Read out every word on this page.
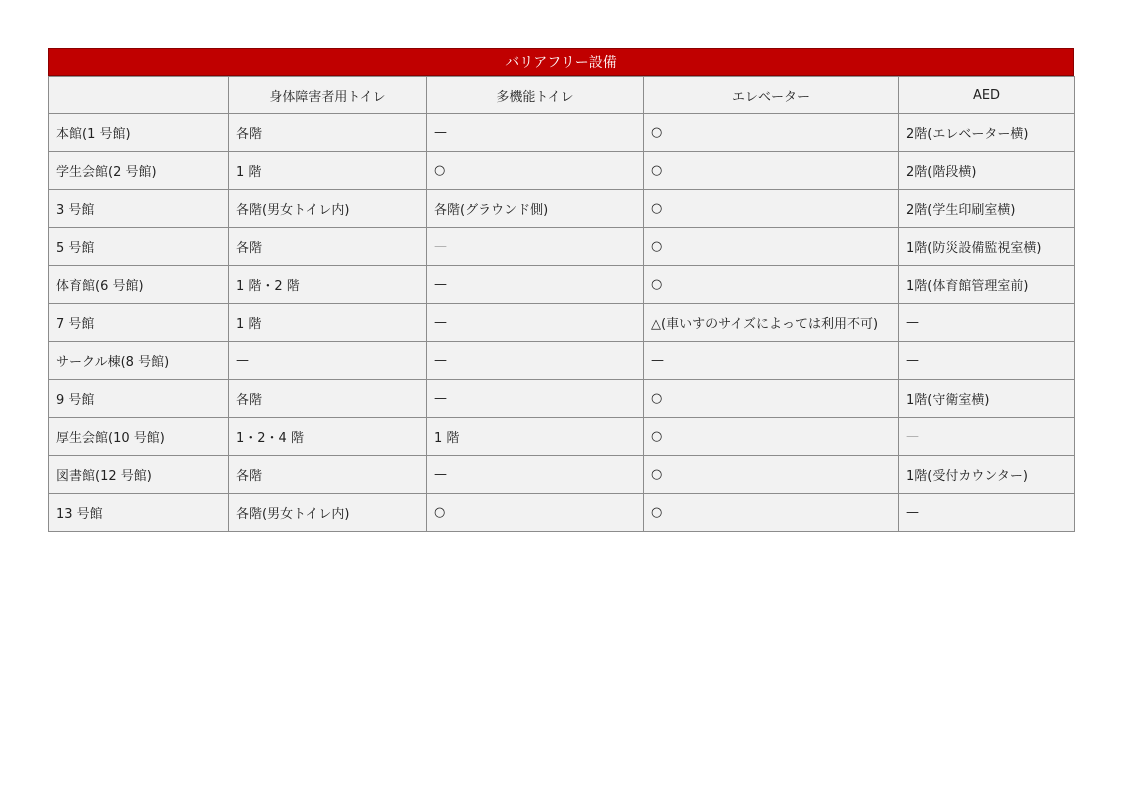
バリアフリー設備
	身体障害者用トイレ	多機能トイレ	エレベーター	AED
本館(1 号館)	各階	—	○	2階(エレベーター横)
学生会館(2 号館)	1 階	○	○	2階(階段横)
3 号館	各階(男女トイレ内)	各階(グラウンド側)	○	2階(学生印刷室横)
5 号館	各階	—	○	1階(防災設備監視室横)
体育館(6 号館)	1 階・2 階	—	○	1階(体育館管理室前)
7 号館	1 階	—	△(車いすのサイズによっては利用不可)	—
サークル棟(8 号館)	—	—	—	—
9 号館	各階	—	○	1階(守衛室横)
厚生会館(10 号館)	1・2・4 階	1 階	○	—
図書館(12 号館)	各階	—	○	1階(受付カウンター)
13 号館	各階(男女トイレ内)	○	○	—
